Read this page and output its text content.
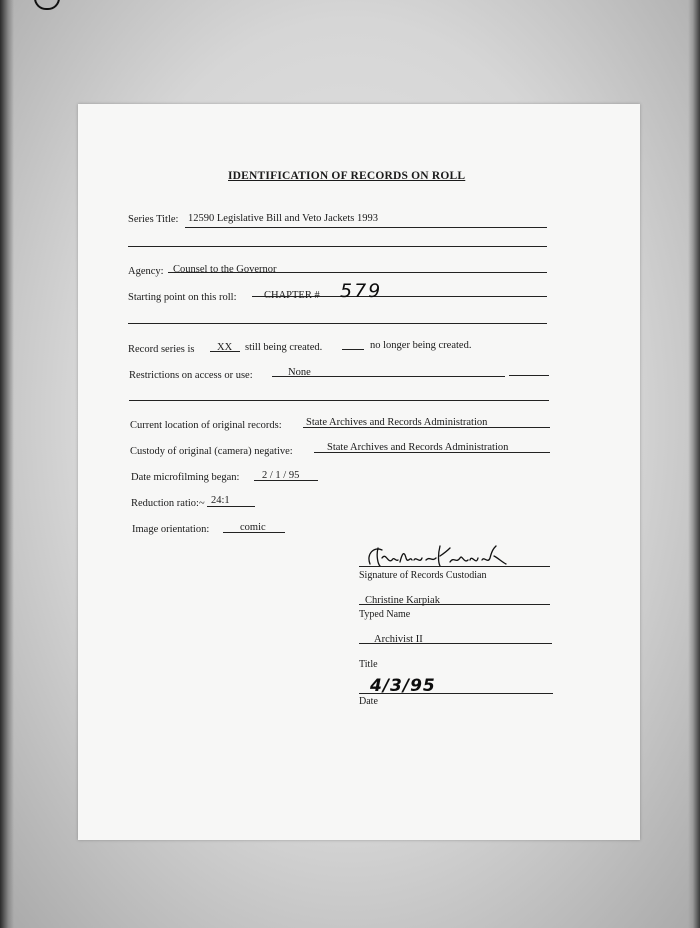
IDENTIFICATION OF RECORDS ON ROLL
Series Title: 12590 Legislative Bill and Veto Jackets 1993
Agency: Counsel to the Governor
Starting point on this roll:	CHAPTER # 579
Record series is XX still being created.	no longer being created.
Restrictions on access or use:	None
Current location of original records: State Archives and Records Administration
Custody of original (camera) negative:	State Archives and Records Administration
Date microfilming began: 2 / 1 / 95
Reduction ratio:~ 24:1
Image orientation:	comic
Signature of Records Custodian
Christine Karpiak
Typed Name
Archivist II
Title
4/3/95
Date
